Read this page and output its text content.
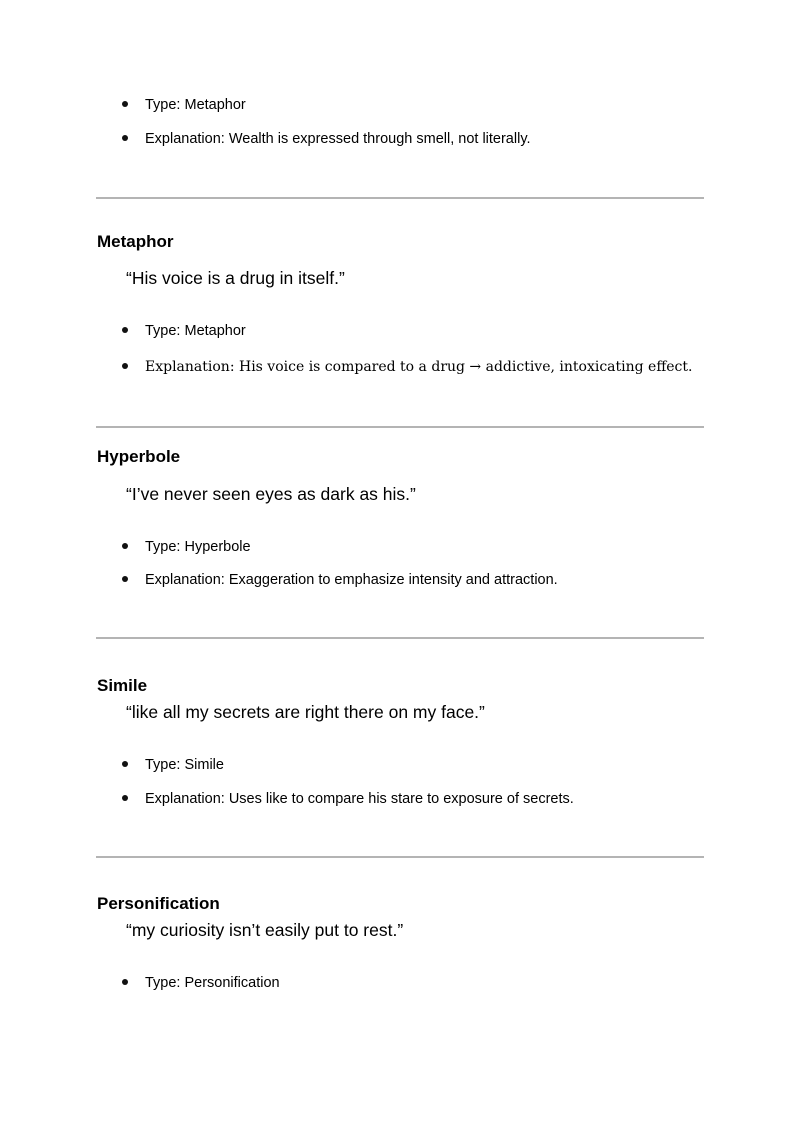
Type: Metaphor
Explanation: Wealth is expressed through smell, not literally.
Metaphor
“His voice is a drug in itself.”
Type: Metaphor
Explanation: His voice is compared to a drug → addictive, intoxicating effect.
Hyperbole
“I’ve never seen eyes as dark as his.”
Type: Hyperbole
Explanation: Exaggeration to emphasize intensity and attraction.
Simile
“like all my secrets are right there on my face.”
Type: Simile
Explanation: Uses like to compare his stare to exposure of secrets.
Personification
“my curiosity isn’t easily put to rest.”
Type: Personification
